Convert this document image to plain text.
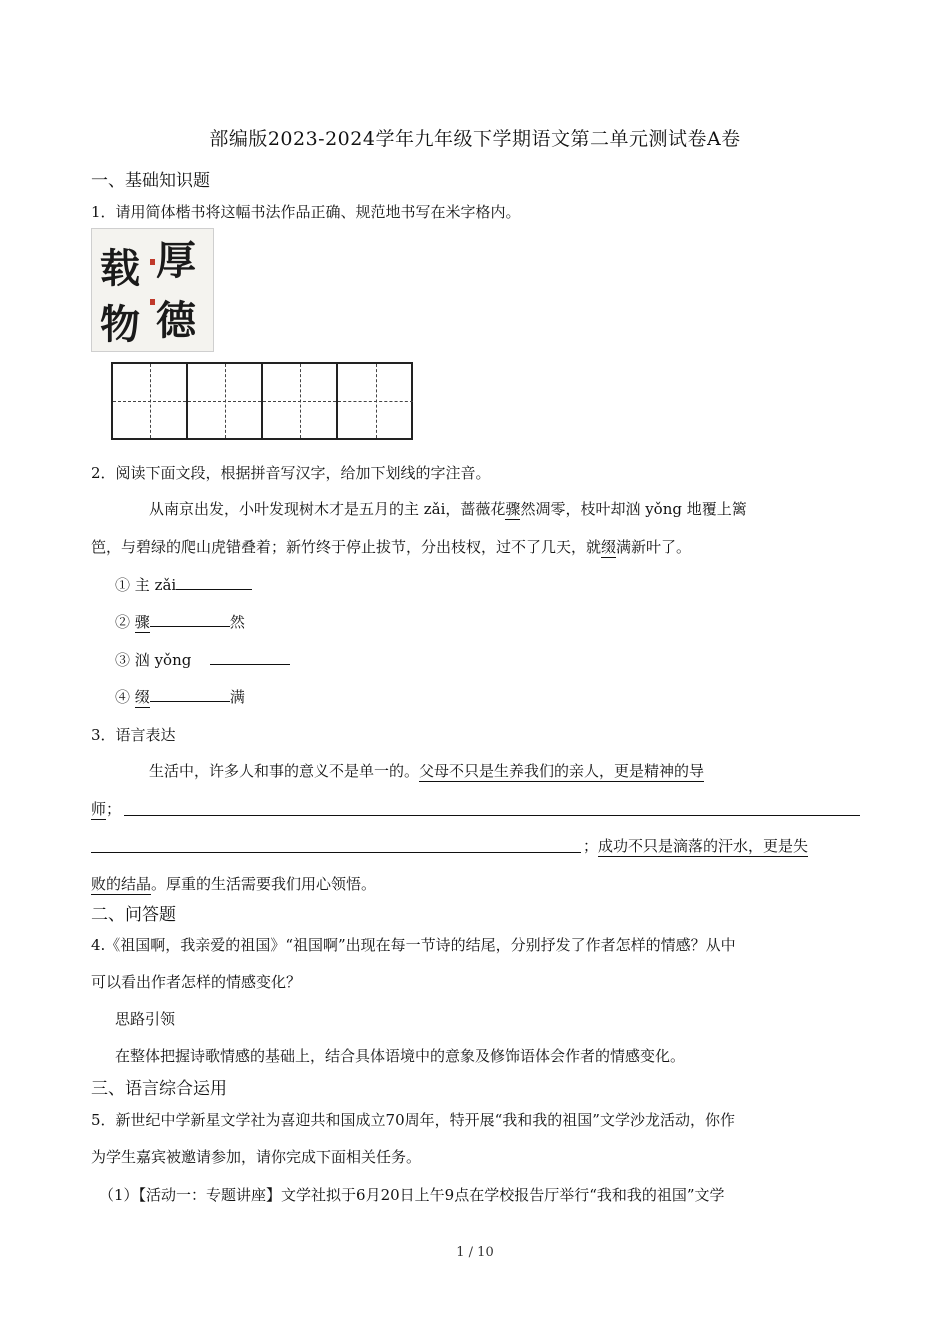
部编版2023-2024学年九年级下学期语文第二单元测试卷A卷
一、基础知识题
1．请用简体楷书将这幅书法作品正确、规范地书写在米字格内。
厚
德
载
物
2．阅读下面文段，根据拼音写汉字，给加下划线的字注音。
从南京出发，小叶发现树木才是五月的主 zǎi，蔷薇花骤然凋零，枝叶却汹 yǒng 地覆上篱
笆，与碧绿的爬山虎错叠着；新竹终于停止拔节，分出枝杈，过不了几天，就缀满新叶了。
① 主 zǎi
② 骤	然
③ 汹 yǒng
④ 缀	满
3．语言表达
生活中，许多人和事的意义不是单一的。父母不只是生养我们的亲人，更是精神的导
师；
；成功不只是滴落的汗水，更是失
败的结晶。厚重的生活需要我们用心领悟。
二、问答题
4.《祖国啊，我亲爱的祖国》“祖国啊”出现在每一节诗的结尾，分别抒发了作者怎样的情感？从中
可以看出作者怎样的情感变化？
思路引领
在整体把握诗歌情感的基础上，结合具体语境中的意象及修饰语体会作者的情感变化。
三、语言综合运用
5．新世纪中学新星文学社为喜迎共和国成立70周年，特开展“我和我的祖国”文学沙龙活动，你作
为学生嘉宾被邀请参加，请你完成下面相关任务。
（1）【活动一：专题讲座】文学社拟于6月20日上午9点在学校报告厅举行“我和我的祖国”文学
1 / 10
